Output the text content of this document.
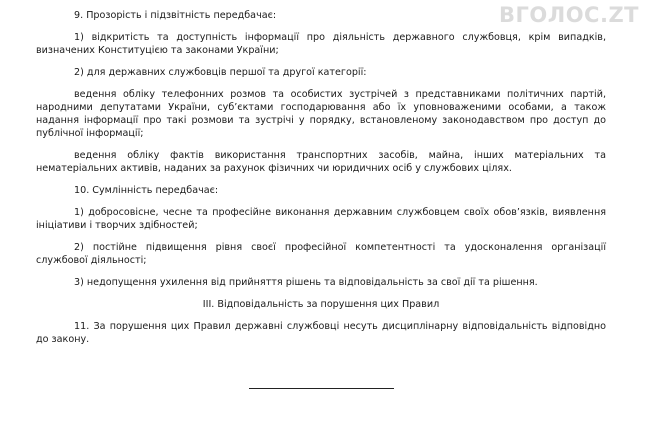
ВГОЛОС.ZT

9. Прозорість і підзвітність передбачає:

1) відкритість та доступність інформації про діяльність державного службовця, крім випадків, визначених Конституцією та законами України;

2) для державних службовців першої та другої категорії:

ведення обліку телефонних розмов та особистих зустрічей з представниками політичних партій, народними депутатами України, суб’єктами господарювання або їх уповноваженими особами, а також надання інформації про такі розмови та зустрічі у порядку, встановленому законодавством про доступ до публічної інформації;

ведення обліку фактів використання транспортних засобів, майна, інших матеріальних та нематеріальних активів, наданих за рахунок фізичних чи юридичних осіб у службових цілях.

10. Сумлінність передбачає:

1) добросовісне, чесне та професійне виконання державним службовцем своїх обов’язків, виявлення ініціативи і творчих здібностей;

2) постійне підвищення рівня своєї професійної компетентності та удосконалення організації службової діяльності;

3) недопущення ухилення від прийняття рішень та відповідальність за свої дії та рішення.

III. Відповідальність за порушення цих Правил

11. За порушення цих Правил державні службовці несуть дисциплінарну відповідальність відповідно до закону.
